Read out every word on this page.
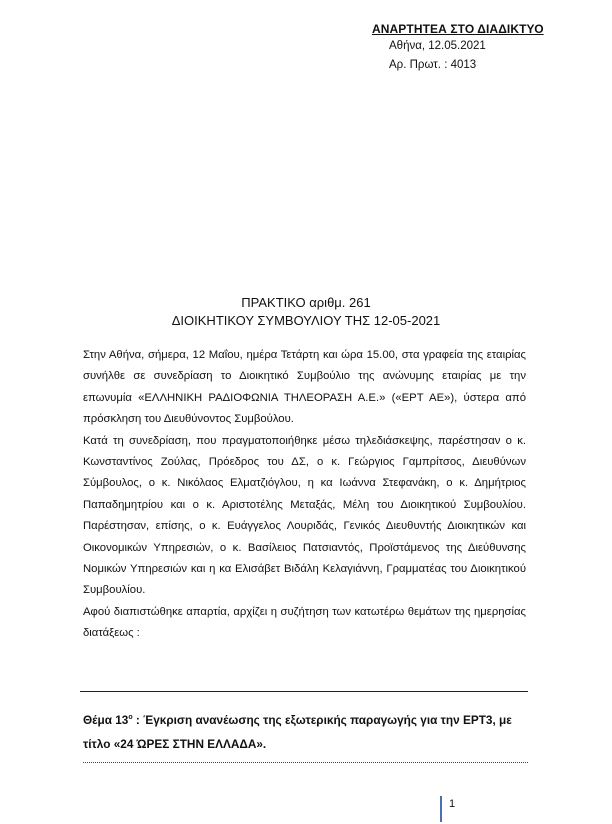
ΑΝΑΡΤΗΤΕΑ ΣΤΟ ΔΙΑΔΙΚΤΥΟ
Αθήνα, 12.05.2021
Αρ. Πρωτ. : 4013
ΠΡΑΚΤΙΚΟ αριθμ. 261
ΔΙΟΙΚΗΤΙΚΟΥ ΣΥΜΒΟΥΛΙΟΥ ΤΗΣ 12-05-2021

Στην Αθήνα, σήμερα, 12 Μαΐου, ημέρα Τετάρτη και ώρα 15.00, στα γραφεία της εταιρίας συνήλθε σε συνεδρίαση το Διοικητικό Συμβούλιο της ανώνυμης εταιρίας με την επωνυμία «ΕΛΛΗΝΙΚΗ ΡΑΔΙΟΦΩΝΙΑ ΤΗΛΕΟΡΑΣΗ Α.Ε.» («ΕΡΤ ΑΕ»), ύστερα από πρόσκληση του Διευθύνοντος Συμβούλου.

Κατά τη συνεδρίαση, που πραγματοποιήθηκε μέσω τηλεδιάσκεψης, παρέστησαν ο κ. Κωνσταντίνος Ζούλας, Πρόεδρος του ΔΣ, ο κ. Γεώργιος Γαμπρίτσος, Διευθύνων Σύμβουλος, ο κ. Νικόλαος Ελματζιόγλου, η κα Ιωάννα Στεφανάκη, ο κ. Δημήτριος Παπαδημητρίου και ο κ. Αριστοτέλης Μεταξάς, Μέλη του Διοικητικού Συμβουλίου. Παρέστησαν, επίσης, ο κ. Ευάγγελος Λουριδάς, Γενικός Διευθυντής Διοικητικών και Οικονομικών Υπηρεσιών, ο κ. Βασίλειος Πατσιαντός, Προϊστάμενος της Διεύθυνσης Νομικών Υπηρεσιών και η κα Ελισάβετ Βιδάλη Κελαγιάννη, Γραμματέας του Διοικητικού Συμβουλίου.

Αφού διαπιστώθηκε απαρτία, αρχίζει η συζήτηση των κατωτέρω θεμάτων της ημερησίας διατάξεως :

Θέμα $13^o$ : Έγκριση ανανέωσης της εξωτερικής παραγωγής για την ΕΡΤ3, με τίτλο «24 ΏΡΕΣ ΣΤΗΝ ΕΛΛΑΔΑ».
1
